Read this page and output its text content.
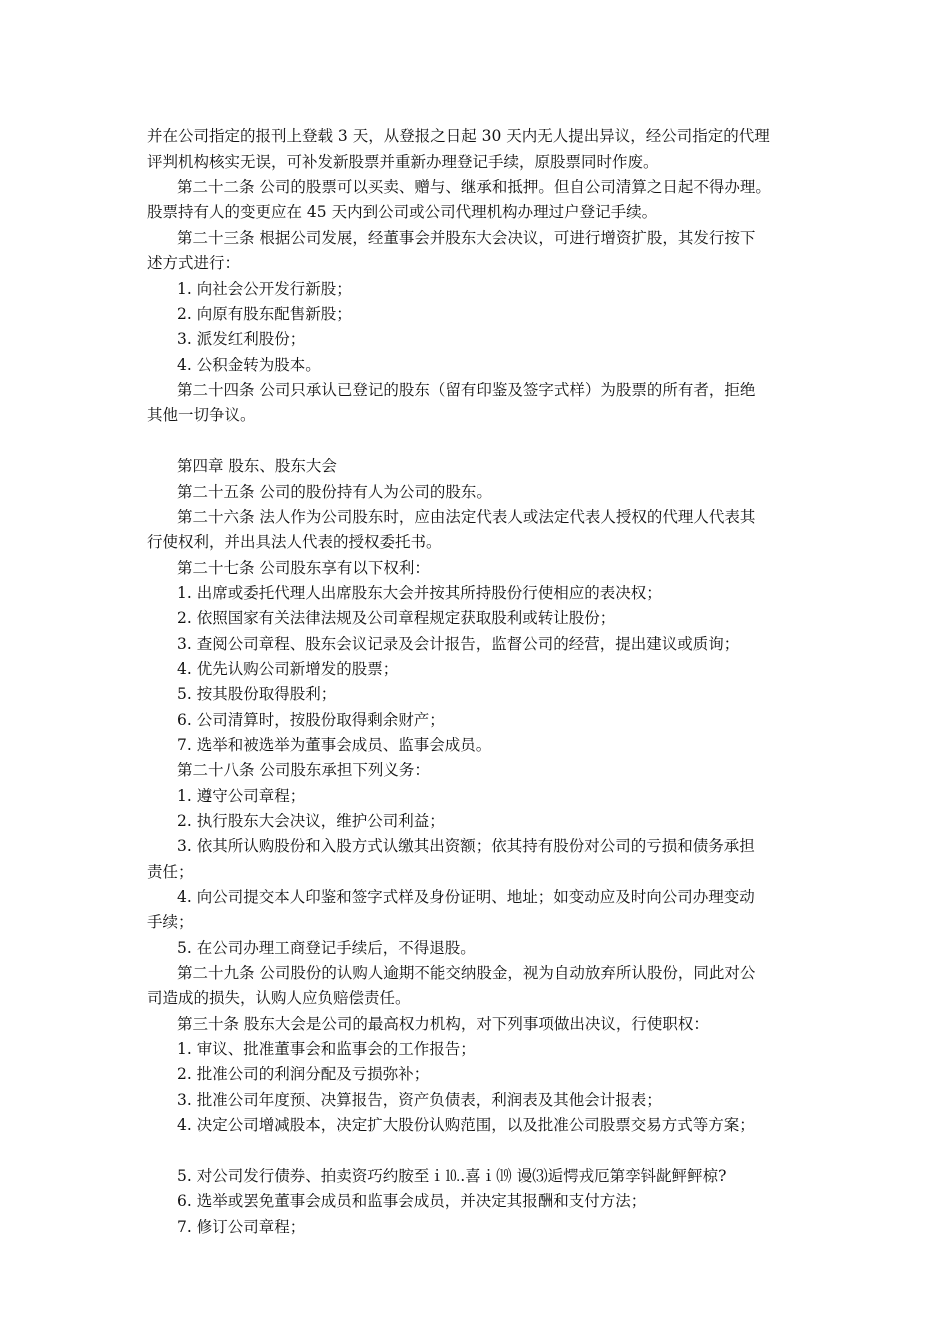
并在公司指定的报刊上登载 3 天，从登报之日起 30 天内无人提出异议，经公司指定的代理
评判机构核实无误，可补发新股票并重新办理登记手续，原股票同时作废。
第二十二条 公司的股票可以买卖、赠与、继承和抵押。但自公司清算之日起不得办理。
股票持有人的变更应在 45 天内到公司或公司代理机构办理过户登记手续。
第二十三条 根据公司发展，经董事会并股东大会决议，可进行增资扩股，其发行按下
述方式进行：
1. 向社会公开发行新股；
2. 向原有股东配售新股；
3. 派发红利股份；
4. 公积金转为股本。
第二十四条 公司只承认已登记的股东（留有印鉴及签字式样）为股票的所有者，拒绝
其他一切争议。
第四章 股东、股东大会
第二十五条 公司的股份持有人为公司的股东。
第二十六条 法人作为公司股东时，应由法定代表人或法定代表人授权的代理人代表其
行使权利，并出具法人代表的授权委托书。
第二十七条 公司股东享有以下权利：
1. 出席或委托代理人出席股东大会并按其所持股份行使相应的表决权；
2. 依照国家有关法律法规及公司章程规定获取股利或转让股份；
3. 查阅公司章程、股东会议记录及会计报告，监督公司的经营，提出建议或质询；
4. 优先认购公司新增发的股票；
5. 按其股份取得股利；
6. 公司清算时，按股份取得剩余财产；
7. 选举和被选举为董事会成员、监事会成员。
第二十八条 公司股东承担下列义务：
1. 遵守公司章程；
2. 执行股东大会决议，维护公司利益；
3. 依其所认购股份和入股方式认缴其出资额；依其持有股份对公司的亏损和债务承担
责任；
4. 向公司提交本人印鉴和签字式样及身份证明、地址；如变动应及时向公司办理变动
手续；
5. 在公司办理工商登记手续后，不得退股。
第二十九条 公司股份的认购人逾期不能交纳股金，视为自动放弃所认股份，同此对公
司造成的损失，认购人应负赔偿责任。
第三十条 股东大会是公司的最高权力机构，对下列事项做出决议，行使职权：
1. 审议、批准董事会和监事会的工作报告；
2. 批准公司的利润分配及亏损弥补；
3. 批准公司年度预、决算报告，资产负债表，利润表及其他会计报表；
4. 决定公司增减股本，决定扩大股份认购范围，以及批准公司股票交易方式等方案；
5. 对公司发行债券、拍卖资巧约胺至ｉ⒑.喜ｉ⒆ 谩⑶逅愕戎厄第孪钭龀鲆鲆椋?
6. 选举或罢免董事会成员和监事会成员，并决定其报酬和支付方法；
7. 修订公司章程；
